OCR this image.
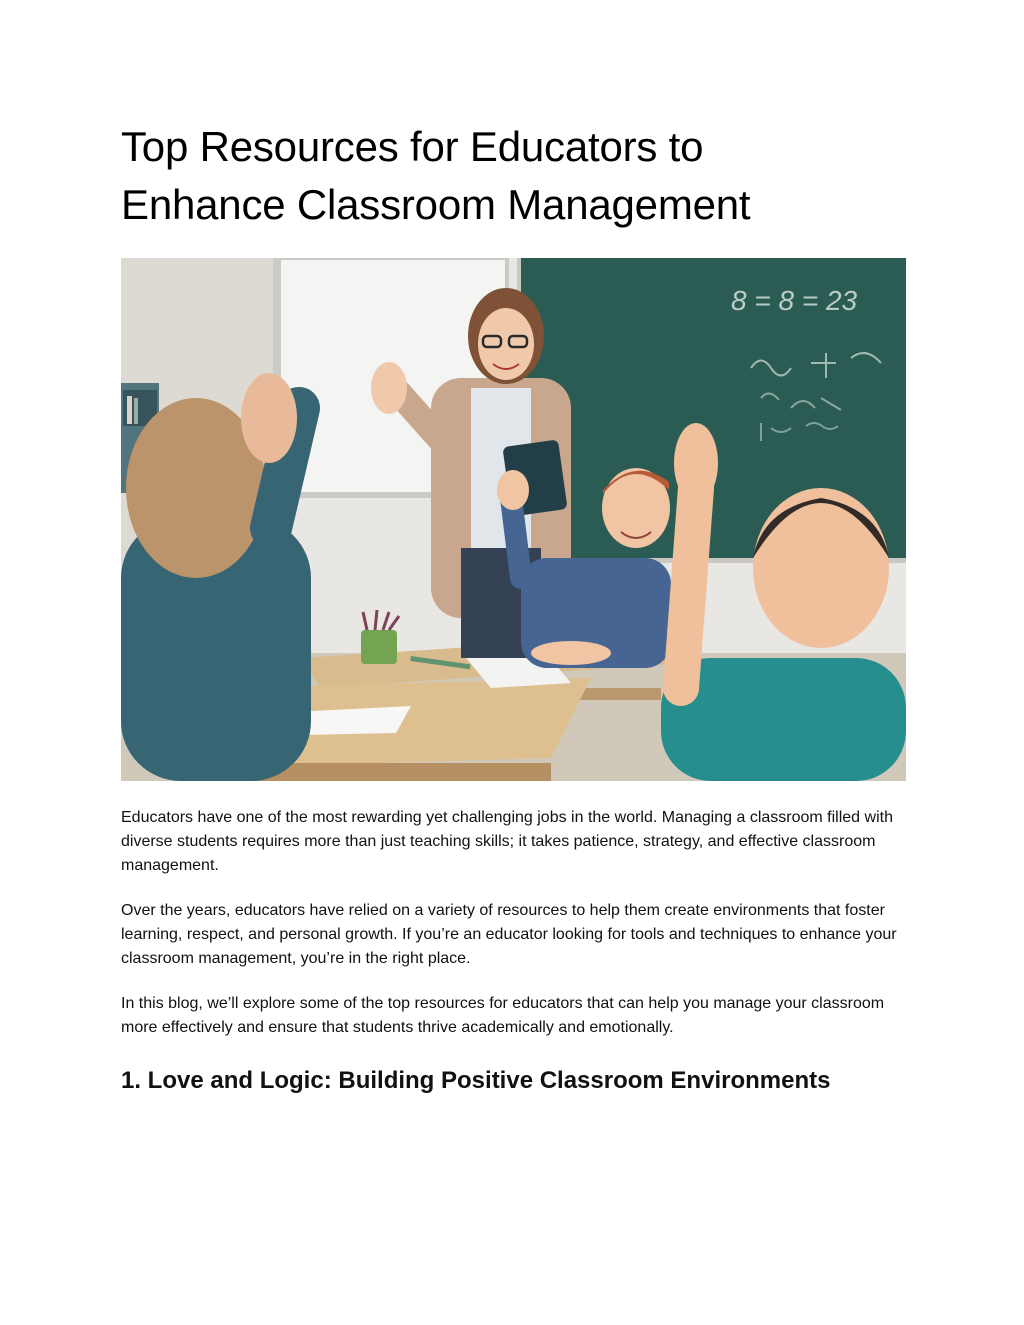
Top Resources for Educators to
Enhance Classroom Management
8 = 8 = 23

Educators have one of the most rewarding yet challenging jobs in the world. Managing a classroom filled with diverse students requires more than just teaching skills; it takes patience, strategy, and effective classroom management.

Over the years, educators have relied on a variety of resources to help them create environments that foster learning, respect, and personal growth. If you’re an educator looking for tools and techniques to enhance your classroom management, you’re in the right place.

In this blog, we’ll explore some of the top resources for educators that can help you manage your classroom more effectively and ensure that students thrive academically and emotionally.

1. Love and Logic: Building Positive Classroom Environments
